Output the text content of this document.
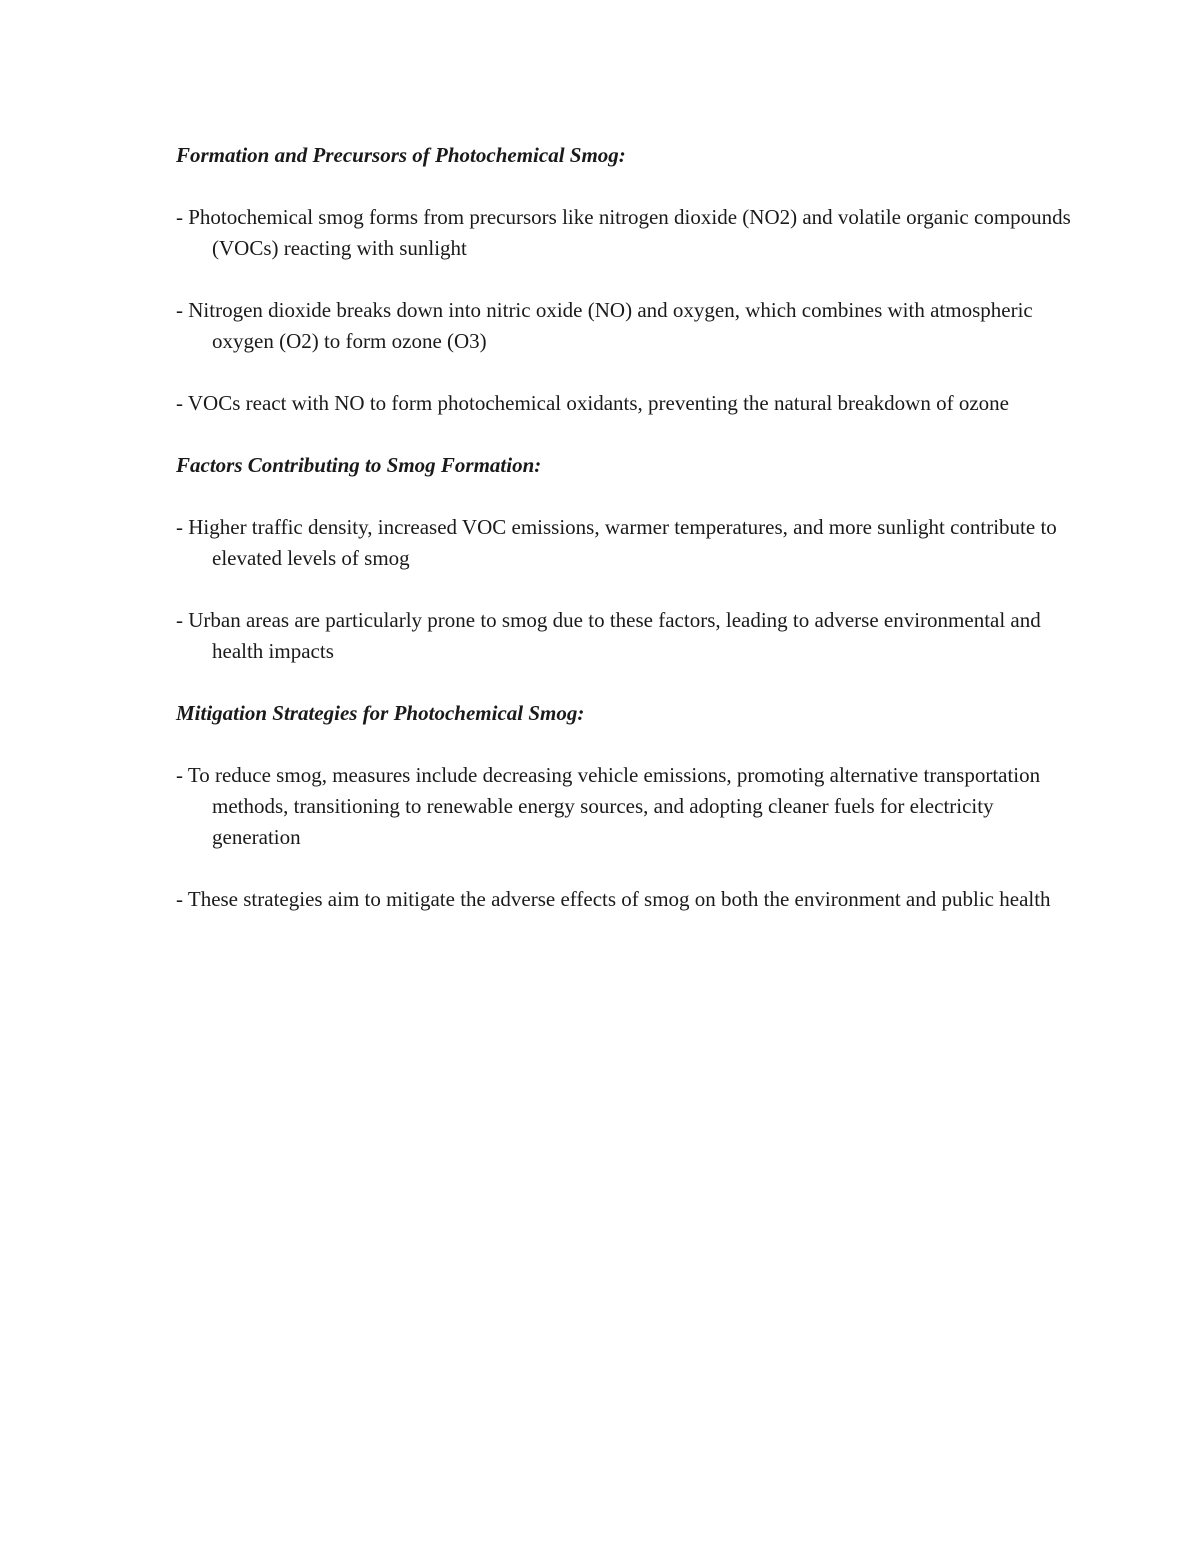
Formation and Precursors of Photochemical Smog:

- Photochemical smog forms from precursors like nitrogen dioxide (NO2) and volatile organic compounds (VOCs) reacting with sunlight

- Nitrogen dioxide breaks down into nitric oxide (NO) and oxygen, which combines with atmospheric oxygen (O2) to form ozone (O3)

- VOCs react with NO to form photochemical oxidants, preventing the natural breakdown of ozone

Factors Contributing to Smog Formation:

- Higher traffic density, increased VOC emissions, warmer temperatures, and more sunlight contribute to elevated levels of smog

- Urban areas are particularly prone to smog due to these factors, leading to adverse environmental and health impacts

Mitigation Strategies for Photochemical Smog:

- To reduce smog, measures include decreasing vehicle emissions, promoting alternative transportation methods, transitioning to renewable energy sources, and adopting cleaner fuels for electricity generation

- These strategies aim to mitigate the adverse effects of smog on both the environment and public health
